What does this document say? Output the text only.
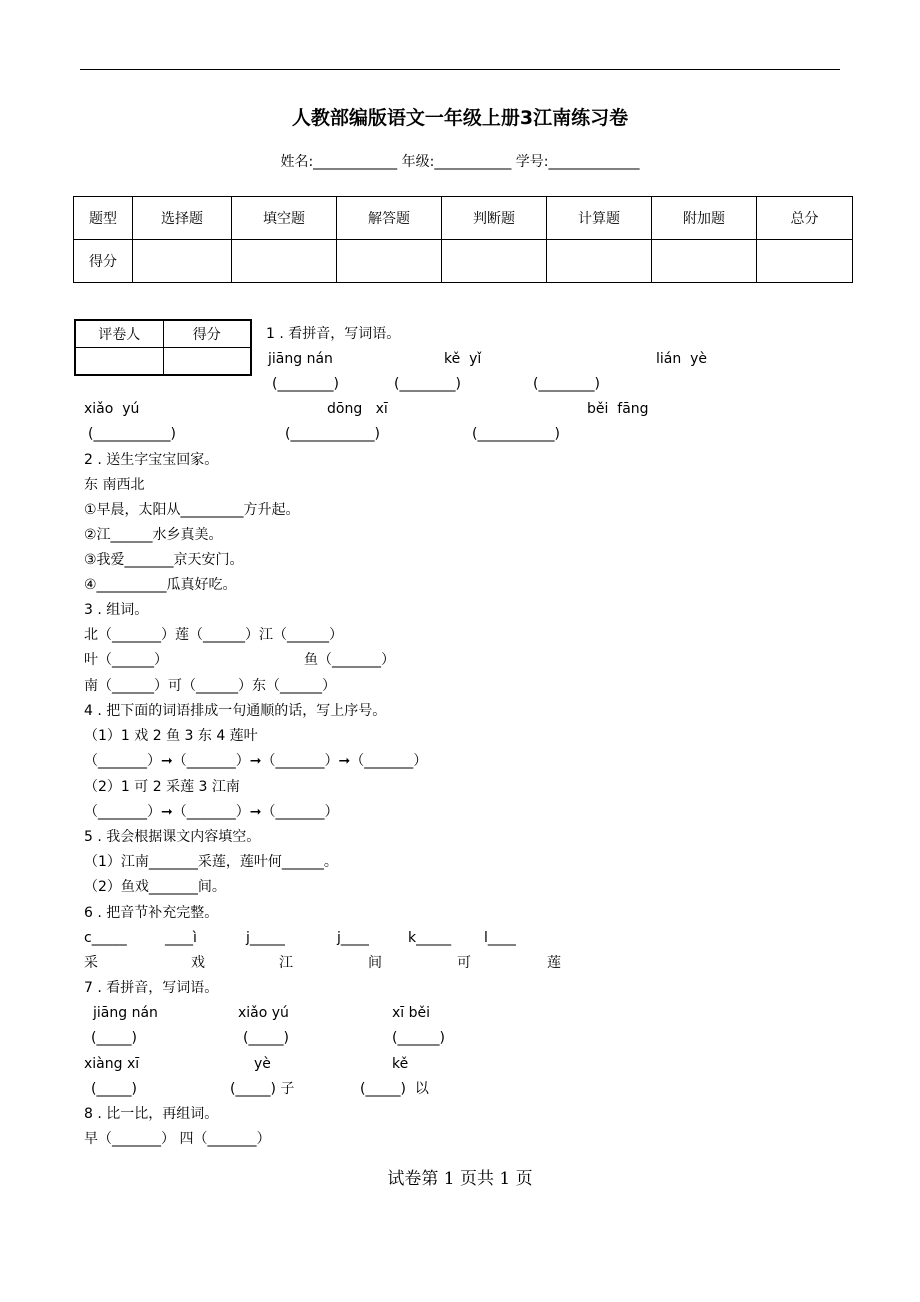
人教部编版语文一年级上册3江南练习卷
姓名:____________ 年级:___________ 学号:_____________
题型	选择题	填空题	解答题	判断题	计算题	附加题	总分
得分							
评卷人	得分
		1 . 看拼音，写词语。
jiāng nán	kě  yǐ	lián  yè
(________)	(________)	(________)
xiǎo  yú	dōng   xī	běi  fāng
(___________)	(____________)	(___________)
2 . 送生字宝宝回家。
东 南西北
①早晨，太阳从_________方升起。
②江______水乡真美。
③我爱_______京天安门。
④__________瓜真好吃。
3 . 组词。
北（_______）莲（______）江（______）
叶（______）	鱼（_______）
南（______）可（______）东（______）
4 . 把下面的词语排成一句通顺的话，写上序号。
（1）1 戏 2 鱼 3 东 4 莲叶
（_______）➞（_______）➞（_______）➞（_______）
（2）1 可 2 采莲 3 江南
（_______）➞（_______）➞（_______）
5 . 我会根据课文内容填空。
（1）江南_______采莲，莲叶何______。
（2）鱼戏_______间。
6 . 把音节补充完整。
c_____	____ì	j_____	j____	k_____ l____
采	戏	江	间	可	莲
7 . 看拼音，写词语。
jiāng nán	xiǎo yú	xī běi
(_____)	(_____)	(______)
xiàng xī	yè	kě
(_____)	(_____) 子	(_____)  以
8 . 比一比，再组词。
早（_______） 四（_______）
试卷第 1 页共 1 页
